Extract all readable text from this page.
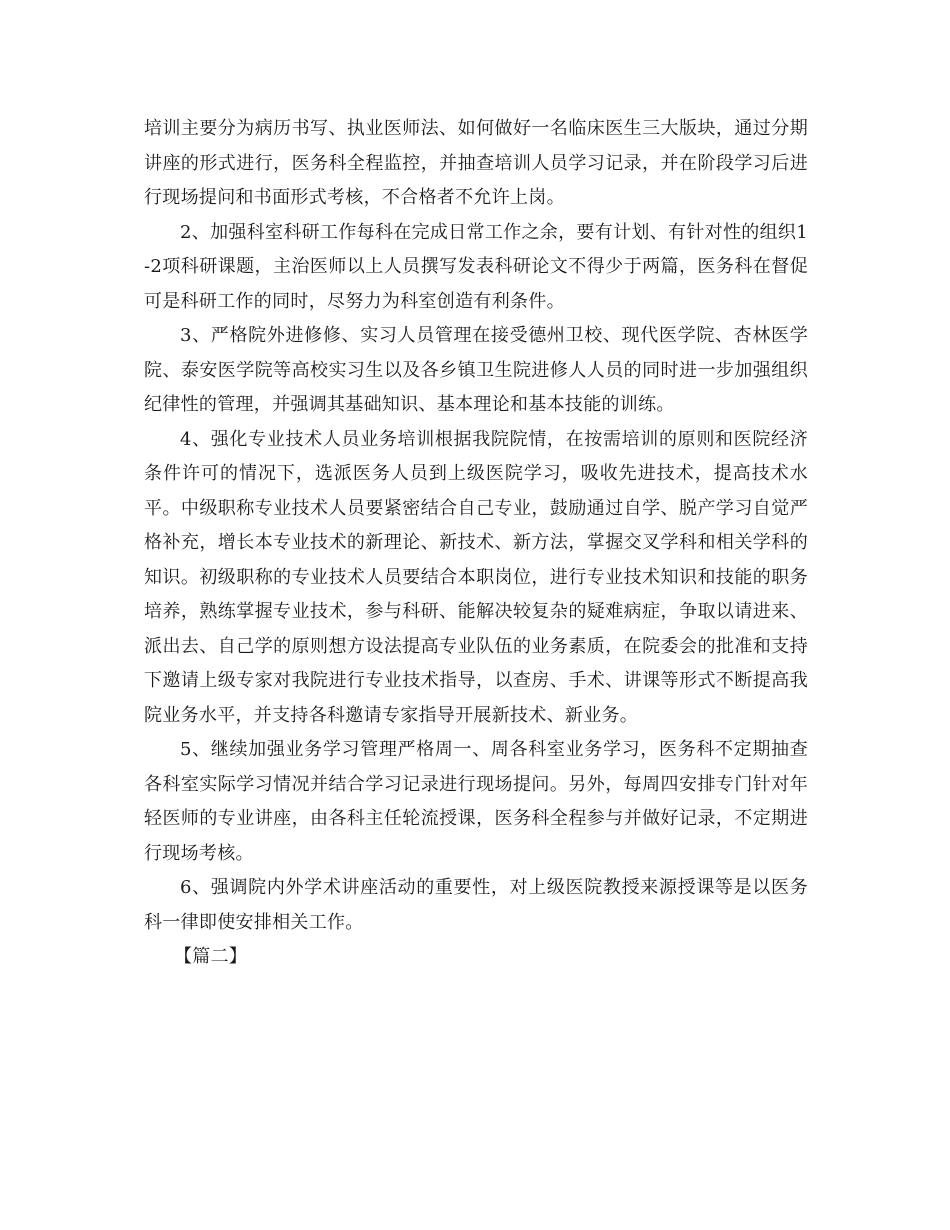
培训主要分为病历书写、执业医师法、如何做好一名临床医生三大版块，通过分期讲座的形式进行，医务科全程监控，并抽查培训人员学习记录，并在阶段学习后进行现场提问和书面形式考核，不合格者不允许上岗。

2、加强科室科研工作每科在完成日常工作之余，要有计划、有针对性的组织1-2项科研课题，主治医师以上人员撰写发表科研论文不得少于两篇，医务科在督促可是科研工作的同时，尽努力为科室创造有利条件。

3、严格院外进修修、实习人员管理在接受德州卫校、现代医学院、杏林医学院、泰安医学院等高校实习生以及各乡镇卫生院进修人人员的同时进一步加强组织纪律性的管理，并强调其基础知识、基本理论和基本技能的训练。

4、强化专业技术人员业务培训根据我院院情，在按需培训的原则和医院经济条件许可的情况下，选派医务人员到上级医院学习，吸收先进技术，提高技术水平。中级职称专业技术人员要紧密结合自己专业，鼓励通过自学、脱产学习自觉严格补充，增长本专业技术的新理论、新技术、新方法，掌握交叉学科和相关学科的知识。初级职称的专业技术人员要结合本职岗位，进行专业技术知识和技能的职务培养，熟练掌握专业技术，参与科研、能解决较复杂的疑难病症，争取以请进来、派出去、自己学的原则想方设法提高专业队伍的业务素质，在院委会的批准和支持下邀请上级专家对我院进行专业技术指导，以查房、手术、讲课等形式不断提高我院业务水平，并支持各科邀请专家指导开展新技术、新业务。

5、继续加强业务学习管理严格周一、周各科室业务学习，医务科不定期抽查各科室实际学习情况并结合学习记录进行现场提问。另外，每周四安排专门针对年轻医师的专业讲座，由各科主任轮流授课，医务科全程参与并做好记录，不定期进行现场考核。

6、强调院内外学术讲座活动的重要性，对上级医院教授来源授课等是以医务科一律即使安排相关工作。

【篇二】
